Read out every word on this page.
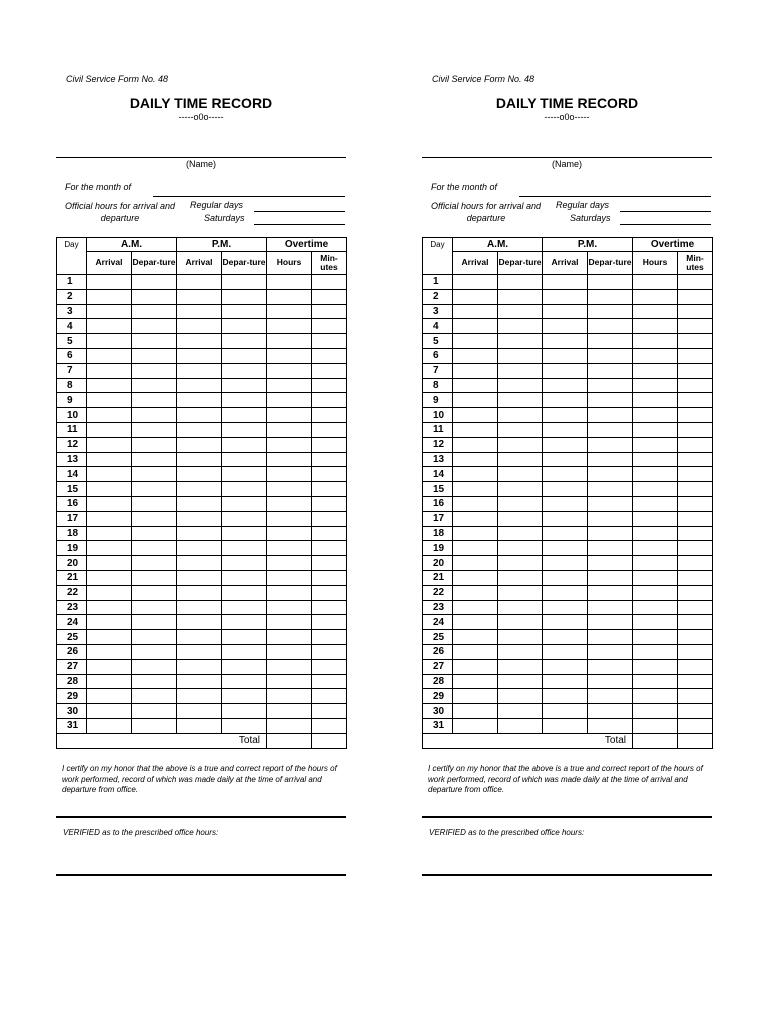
Civil Service Form No. 48
DAILY TIME RECORD
-----o0o-----
(Name)
For the month of
Official hours for arrival and departure
Regular days
Saturdays
Day	A.M.		P.M.		Overtime	
	Arrival	Depar-ture	Arrival	Depar-ture	Hours	Min-utes
1						
2						
3						
4						
5						
6						
7						
8						
9						
10						
11						
12						
13						
14						
15						
16						
17						
18						
19						
20						
21						
22						
23						
24						
25						
26						
27						
28						
29						
30						
31						
			Total			
I certify on my honor that the above is a true and correct report of the hours of work performed, record of which was made daily at the time of arrival and departure from office.
VERIFIED as to the prescribed office hours:
Civil Service Form No. 48
DAILY TIME RECORD
-----o0o-----
(Name)
For the month of
Official hours for arrival and departure
Regular days
Saturdays
Day	A.M.		P.M.		Overtime	
	Arrival	Depar-ture	Arrival	Depar-ture	Hours	Min-utes
1						
2						
3						
4						
5						
6						
7						
8						
9						
10						
11						
12						
13						
14						
15						
16						
17						
18						
19						
20						
21						
22						
23						
24						
25						
26						
27						
28						
29						
30						
31						
			Total			
I certify on my honor that the above is a true and correct report of the hours of work performed, record of which was made daily at the time of arrival and departure from office.
VERIFIED as to the prescribed office hours:
